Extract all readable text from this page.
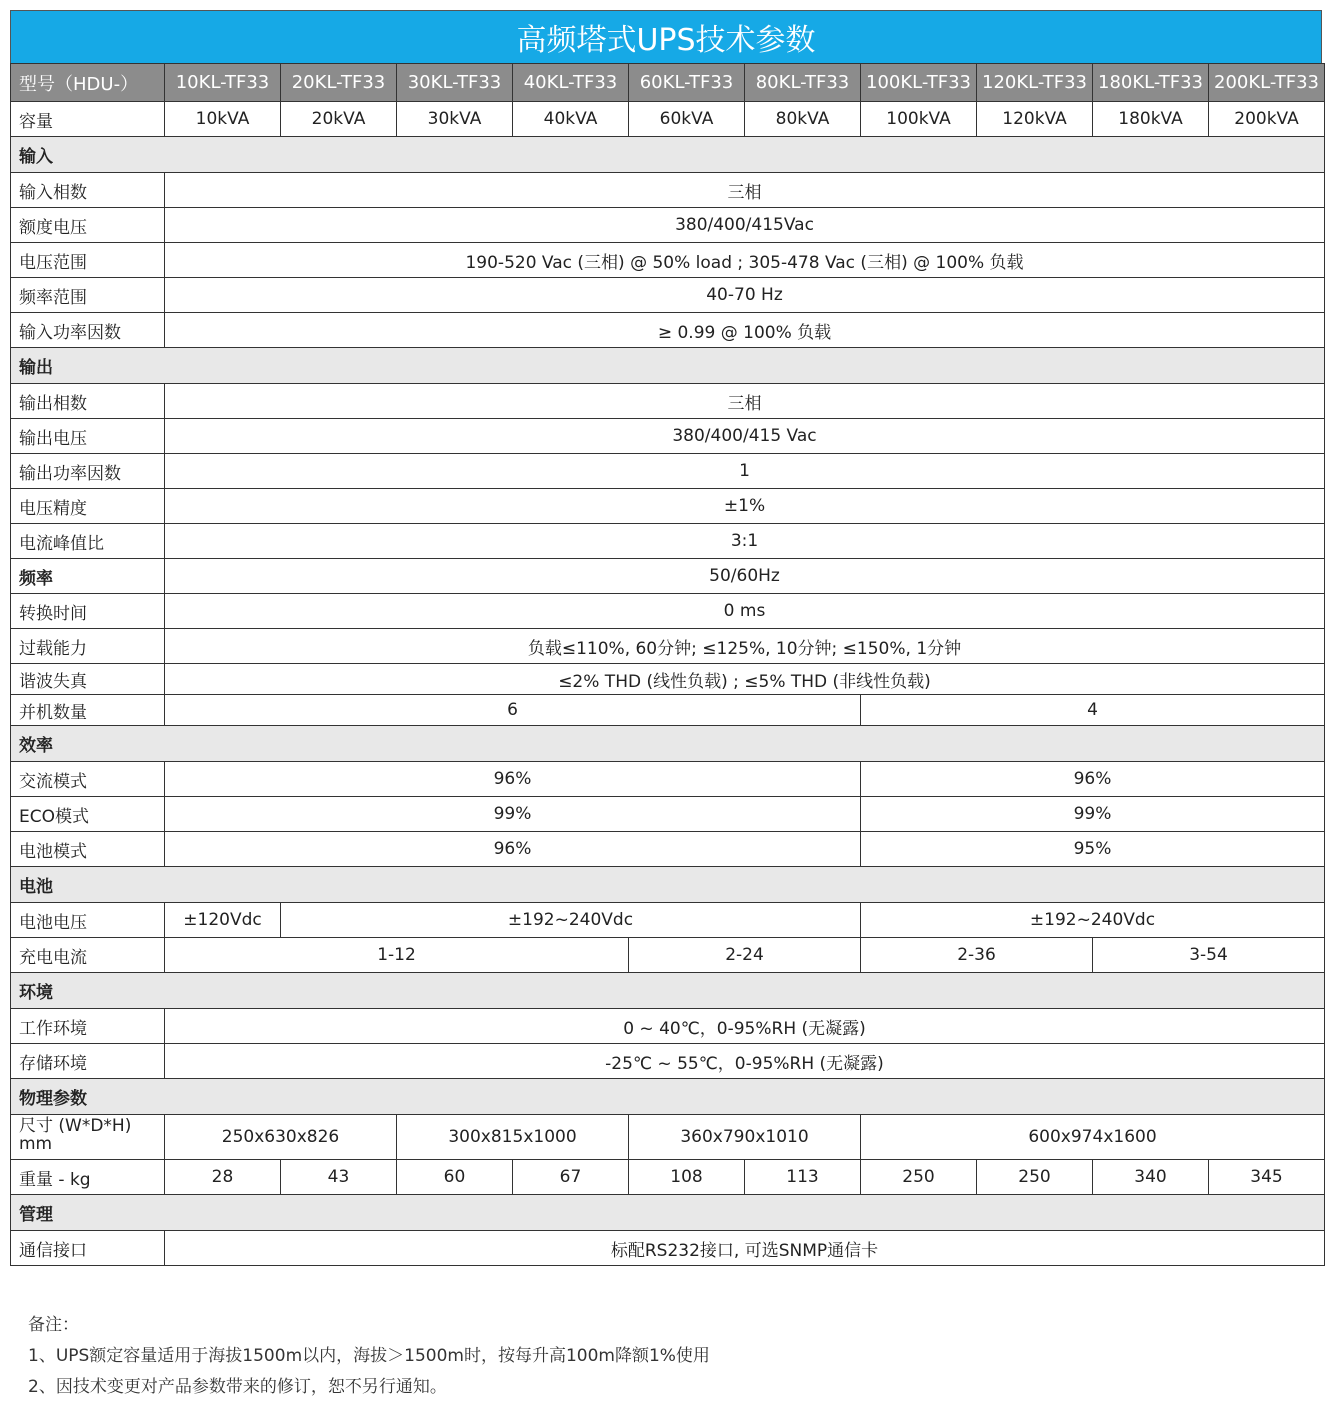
高频塔式UPS技术参数
型号（HDU-）	10KL-TF33	20KL-TF33	30KL-TF33	40KL-TF33	60KL-TF33	80KL-TF33	100KL-TF33	120KL-TF33	180KL-TF33	200KL-TF33
容量	10kVA	20kVA	30kVA	40kVA	60kVA	80kVA	100kVA	120kVA	180kVA	200kVA
输入										
输入相数	三相									
额度电压	380/400/415Vac									
电压范围	190-520 Vac (三相) @ 50% load ; 305-478 Vac (三相) @ 100% 负载									
频率范围	40-70 Hz									
输入功率因数	≥ 0.99 @ 100% 负载									
输出										
输出相数	三相									
输出电压	380/400/415 Vac									
输出功率因数	1									
电压精度	±1%									
电流峰值比	3:1									
频率	50/60Hz									
转换时间	0 ms									
过载能力	负载≤110%, 60分钟; ≤125%, 10分钟; ≤150%, 1分钟									
谐波失真	≤2% THD (线性负载) ; ≤5% THD (非线性负载)									
并机数量	6						4			
效率										
交流模式	96%						96%			
ECO模式	99%						99%			
电池模式	96%						95%			
电池										
电池电压	±120Vdc	±192~240Vdc					±192~240Vdc			
充电电流	1-12				2-24		2-36		3-54	
环境										
工作环境	0 ~ 40℃，0-95%RH (无凝露)									
存储环境	-25℃ ~ 55℃，0-95%RH (无凝露)									
物理参数										
尺寸 (W*D*H) mm	250x630x826		300x815x1000		360x790x1010		600x974x1600			
重量 - kg	28	43	60	67	108	113	250	250	340	345
管理										
通信接口	标配RS232接口, 可选SNMP通信卡									
备注：
1、UPS额定容量适用于海拔1500m以内，海拔＞1500m时，按每升高100m降额1%使用
2、因技术变更对产品参数带来的修订，恕不另行通知。
